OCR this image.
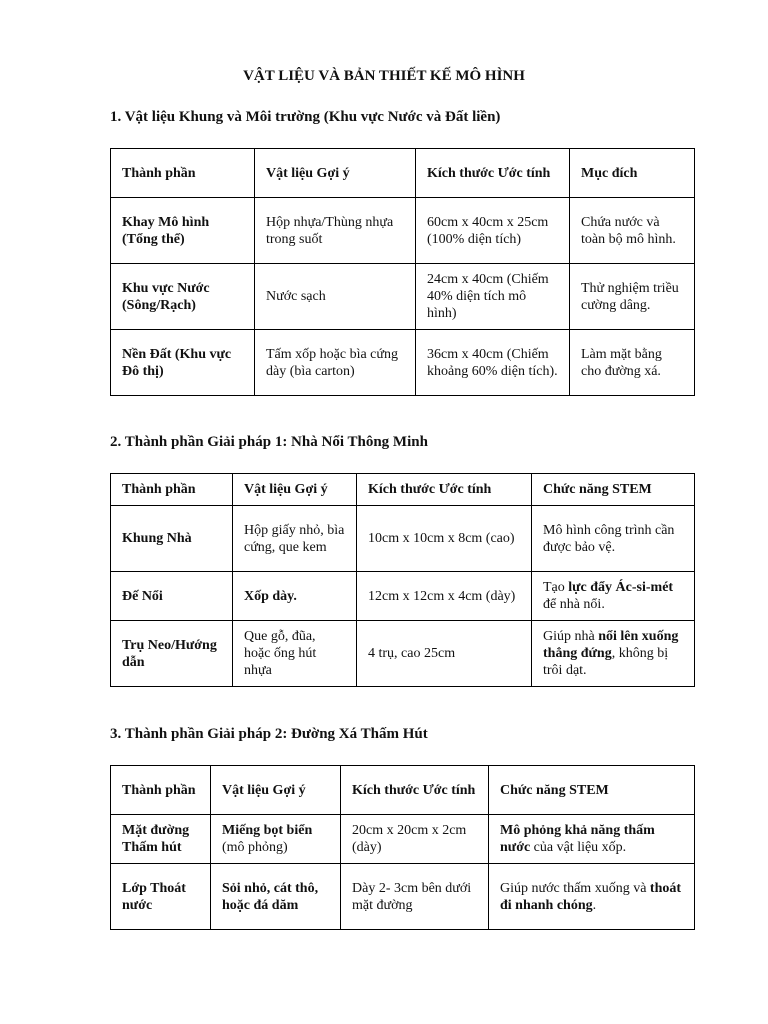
VẬT LIỆU VÀ BẢN THIẾT KẾ MÔ HÌNH
1. Vật liệu Khung và Môi trường (Khu vực Nước và Đất liền)
Thành phần	Vật liệu Gợi ý	Kích thước Ước tính	Mục đích
Khay Mô hình (Tổng thể)	Hộp nhựa/Thùng nhựa trong suốt	60cm x 40cm x 25cm (100% diện tích)	Chứa nước và toàn bộ mô hình.
Khu vực Nước (Sông/Rạch)	Nước sạch	24cm x 40cm (Chiếm 40% diện tích mô hình)	Thử nghiệm triều cường dâng.
Nền Đất (Khu vực Đô thị)	Tấm xốp hoặc bìa cứng dày (bìa carton)	36cm x 40cm (Chiếm khoảng 60% diện tích).	Làm mặt bằng cho đường xá.
2. Thành phần Giải pháp 1: Nhà Nổi Thông Minh
Thành phần	Vật liệu Gợi ý	Kích thước Ước tính	Chức năng STEM
Khung Nhà	Hộp giấy nhỏ, bìa cứng, que kem	10cm x 10cm x 8cm (cao)	Mô hình công trình cần được bảo vệ.
Đế Nổi	Xốp dày.	12cm x 12cm x 4cm (dày)	Tạo lực đẩy Ác-si-mét để nhà nổi.
Trụ Neo/Hướng dẫn	Que gỗ, đũa, hoặc ống hút nhựa	4 trụ, cao 25cm	Giúp nhà nổi lên xuống thẳng đứng, không bị trôi dạt.
3. Thành phần Giải pháp 2: Đường Xá Thấm Hút
Thành phần	Vật liệu Gợi ý	Kích thước Ước tính	Chức năng STEM
Mặt đường Thấm hút	Miếng bọt biển (mô phỏng)	20cm x 20cm x 2cm (dày)	Mô phỏng khả năng thấm nước của vật liệu xốp.
Lớp Thoát nước	Sỏi nhỏ, cát thô, hoặc đá dăm	Dày 2- 3cm bên dưới mặt đường	Giúp nước thấm xuống và thoát đi nhanh chóng.
